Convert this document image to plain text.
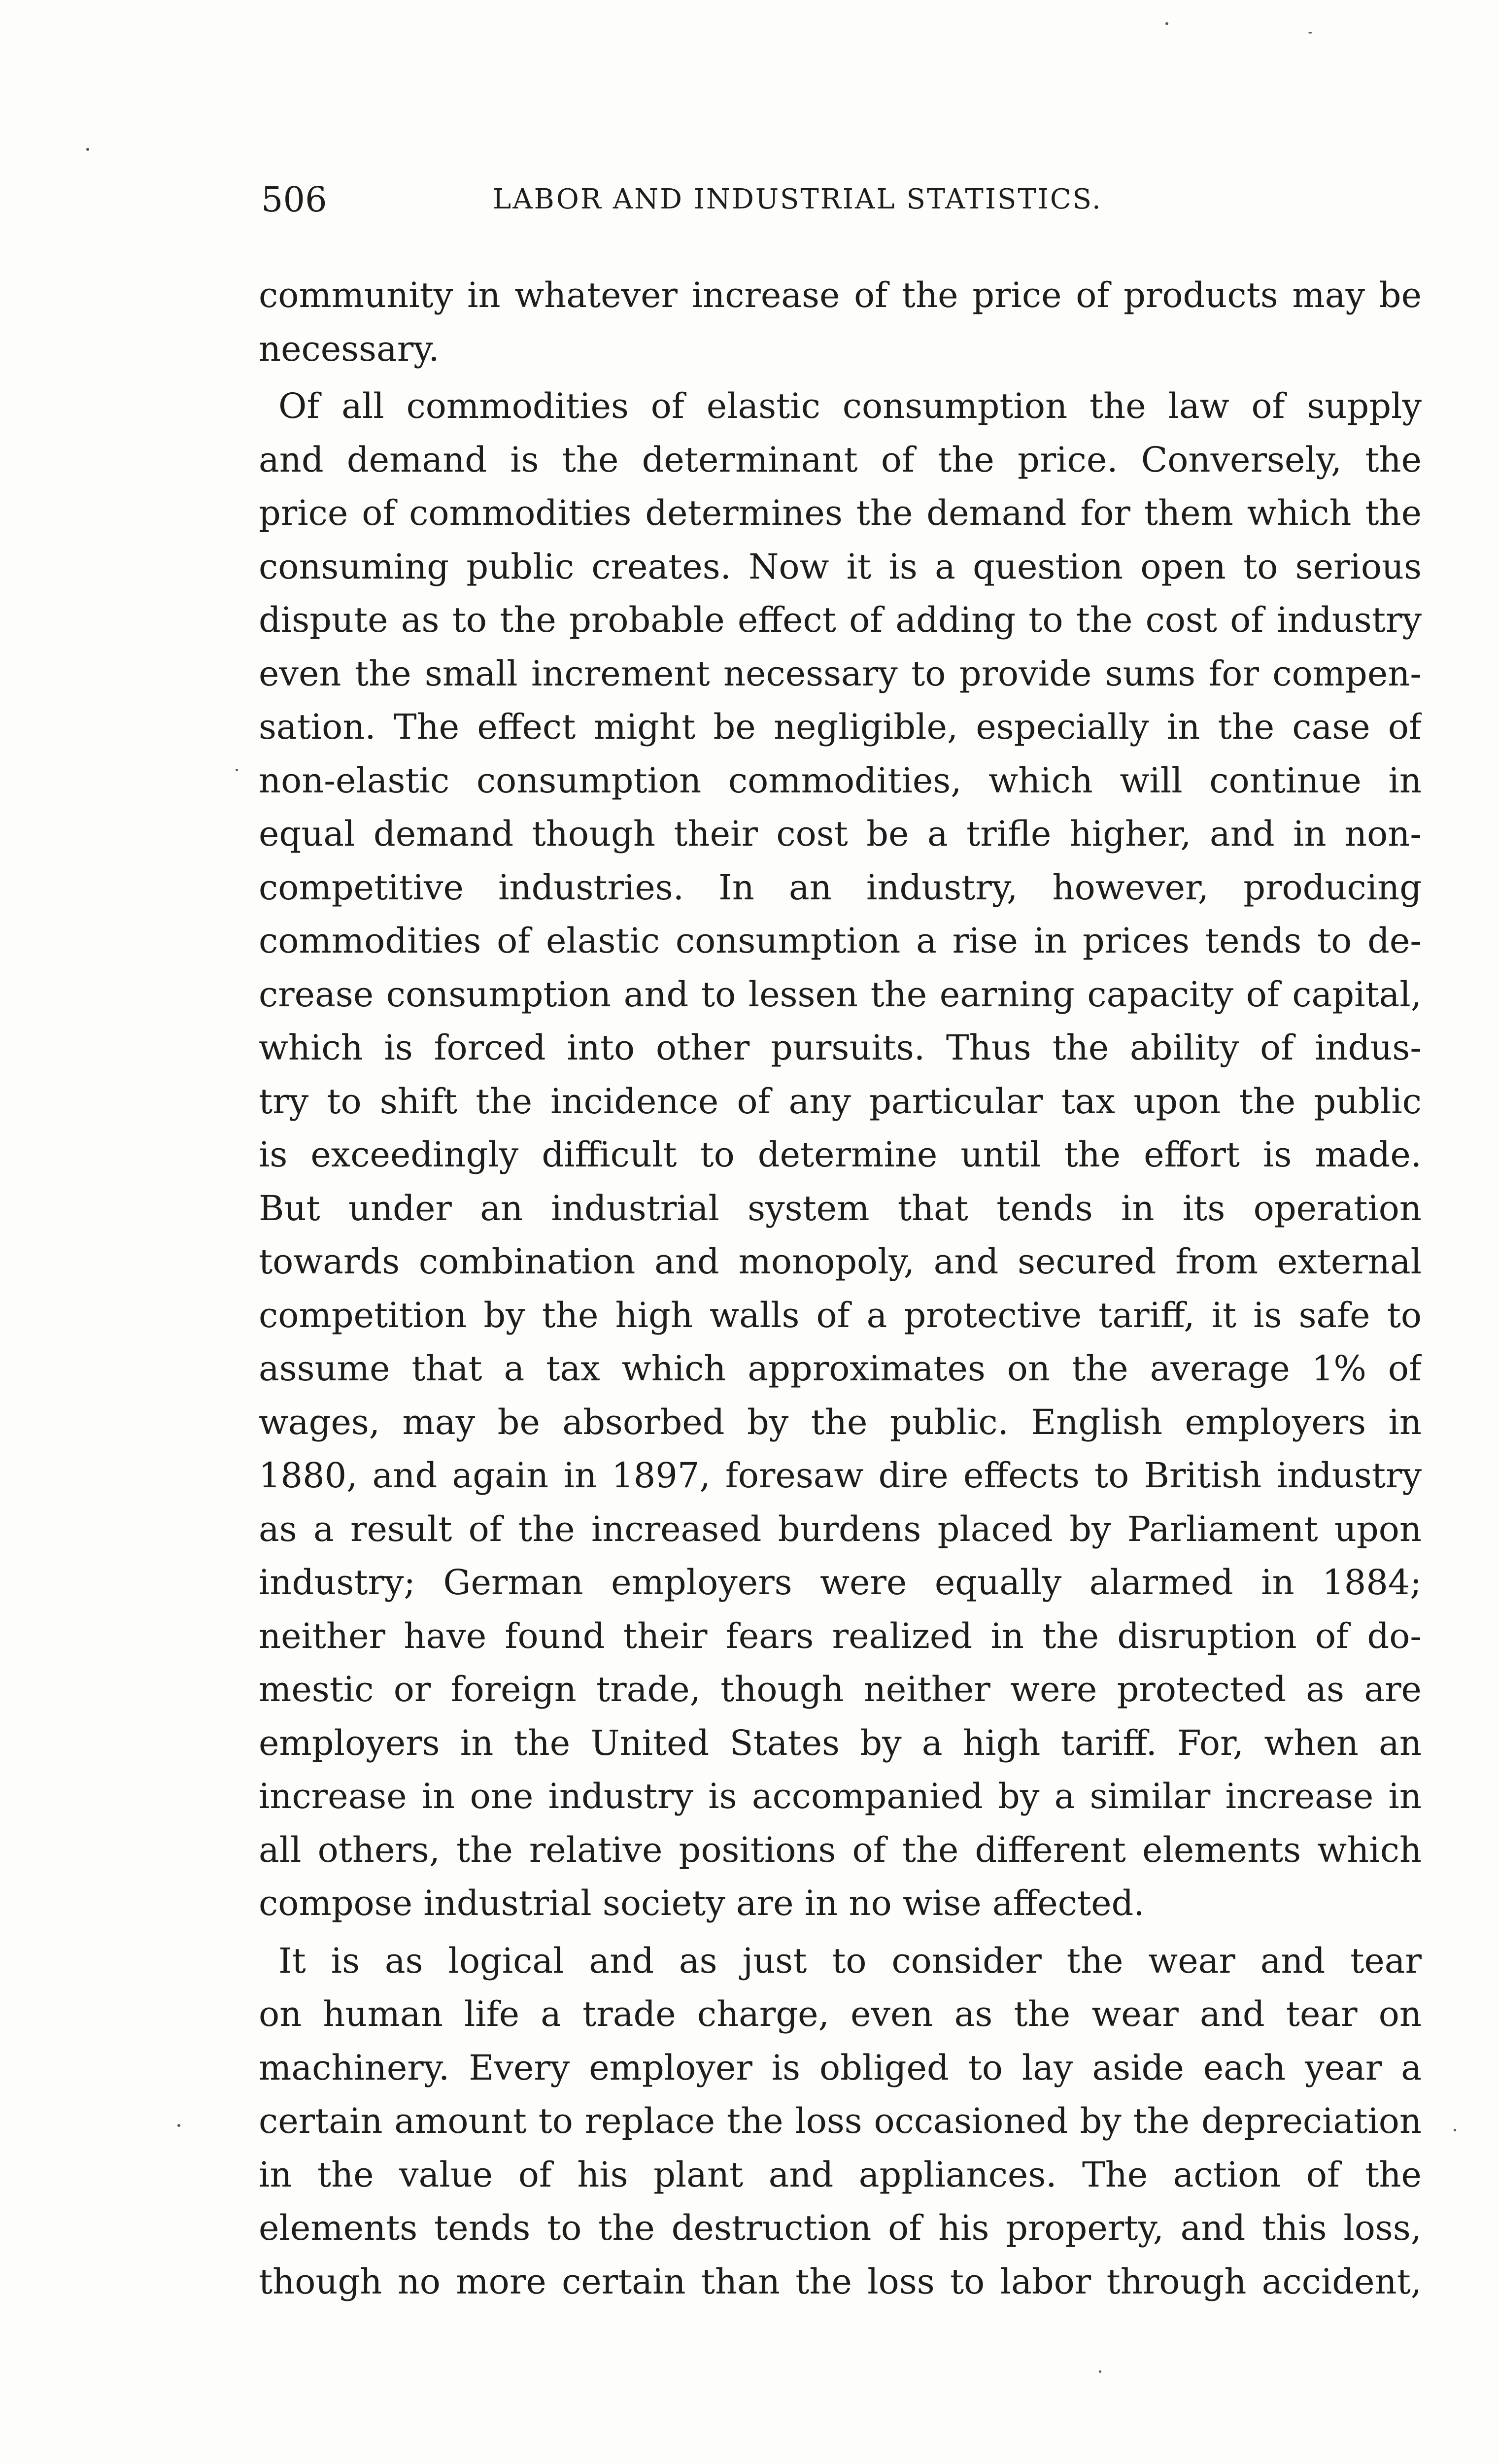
506	LABOR AND INDUSTRIAL STATISTICS.
community in whatever increase of the price of products may be
necessary.
Of all commodities of elastic consumption the law of supply
and demand is the determinant of the price. Conversely, the
price of commodities determines the demand for them which the
consuming public creates. Now it is a question open to serious
dispute as to the probable effect of adding to the cost of industry
even the small increment necessary to provide sums for compen-
sation. The effect might be negligible, especially in the case of
non-elastic consumption commodities, which will continue in
equal demand though their cost be a trifle higher, and in non-
competitive industries. In an industry, however, producing
commodities of elastic consumption a rise in prices tends to de-
crease consumption and to lessen the earning capacity of capital,
which is forced into other pursuits. Thus the ability of indus-
try to shift the incidence of any particular tax upon the public
is exceedingly difficult to determine until the effort is made.
But under an industrial system that tends in its operation
towards combination and monopoly, and secured from external
competition by the high walls of a protective tariff, it is safe to
assume that a tax which approximates on the average 1% of
wages, may be absorbed by the public. English employers in
1880, and again in 1897, foresaw dire effects to British industry
as a result of the increased burdens placed by Parliament upon
industry; German employers were equally alarmed in 1884;
neither have found their fears realized in the disruption of do-
mestic or foreign trade, though neither were protected as are
employers in the United States by a high tariff. For, when an
increase in one industry is accompanied by a similar increase in
all others, the relative positions of the different elements which
compose industrial society are in no wise affected.
It is as logical and as just to consider the wear and tear
on human life a trade charge, even as the wear and tear on
machinery. Every employer is obliged to lay aside each year a
certain amount to replace the loss occasioned by the depreciation
in the value of his plant and appliances. The action of the
elements tends to the destruction of his property, and this loss,
though no more certain than the loss to labor through accident,
